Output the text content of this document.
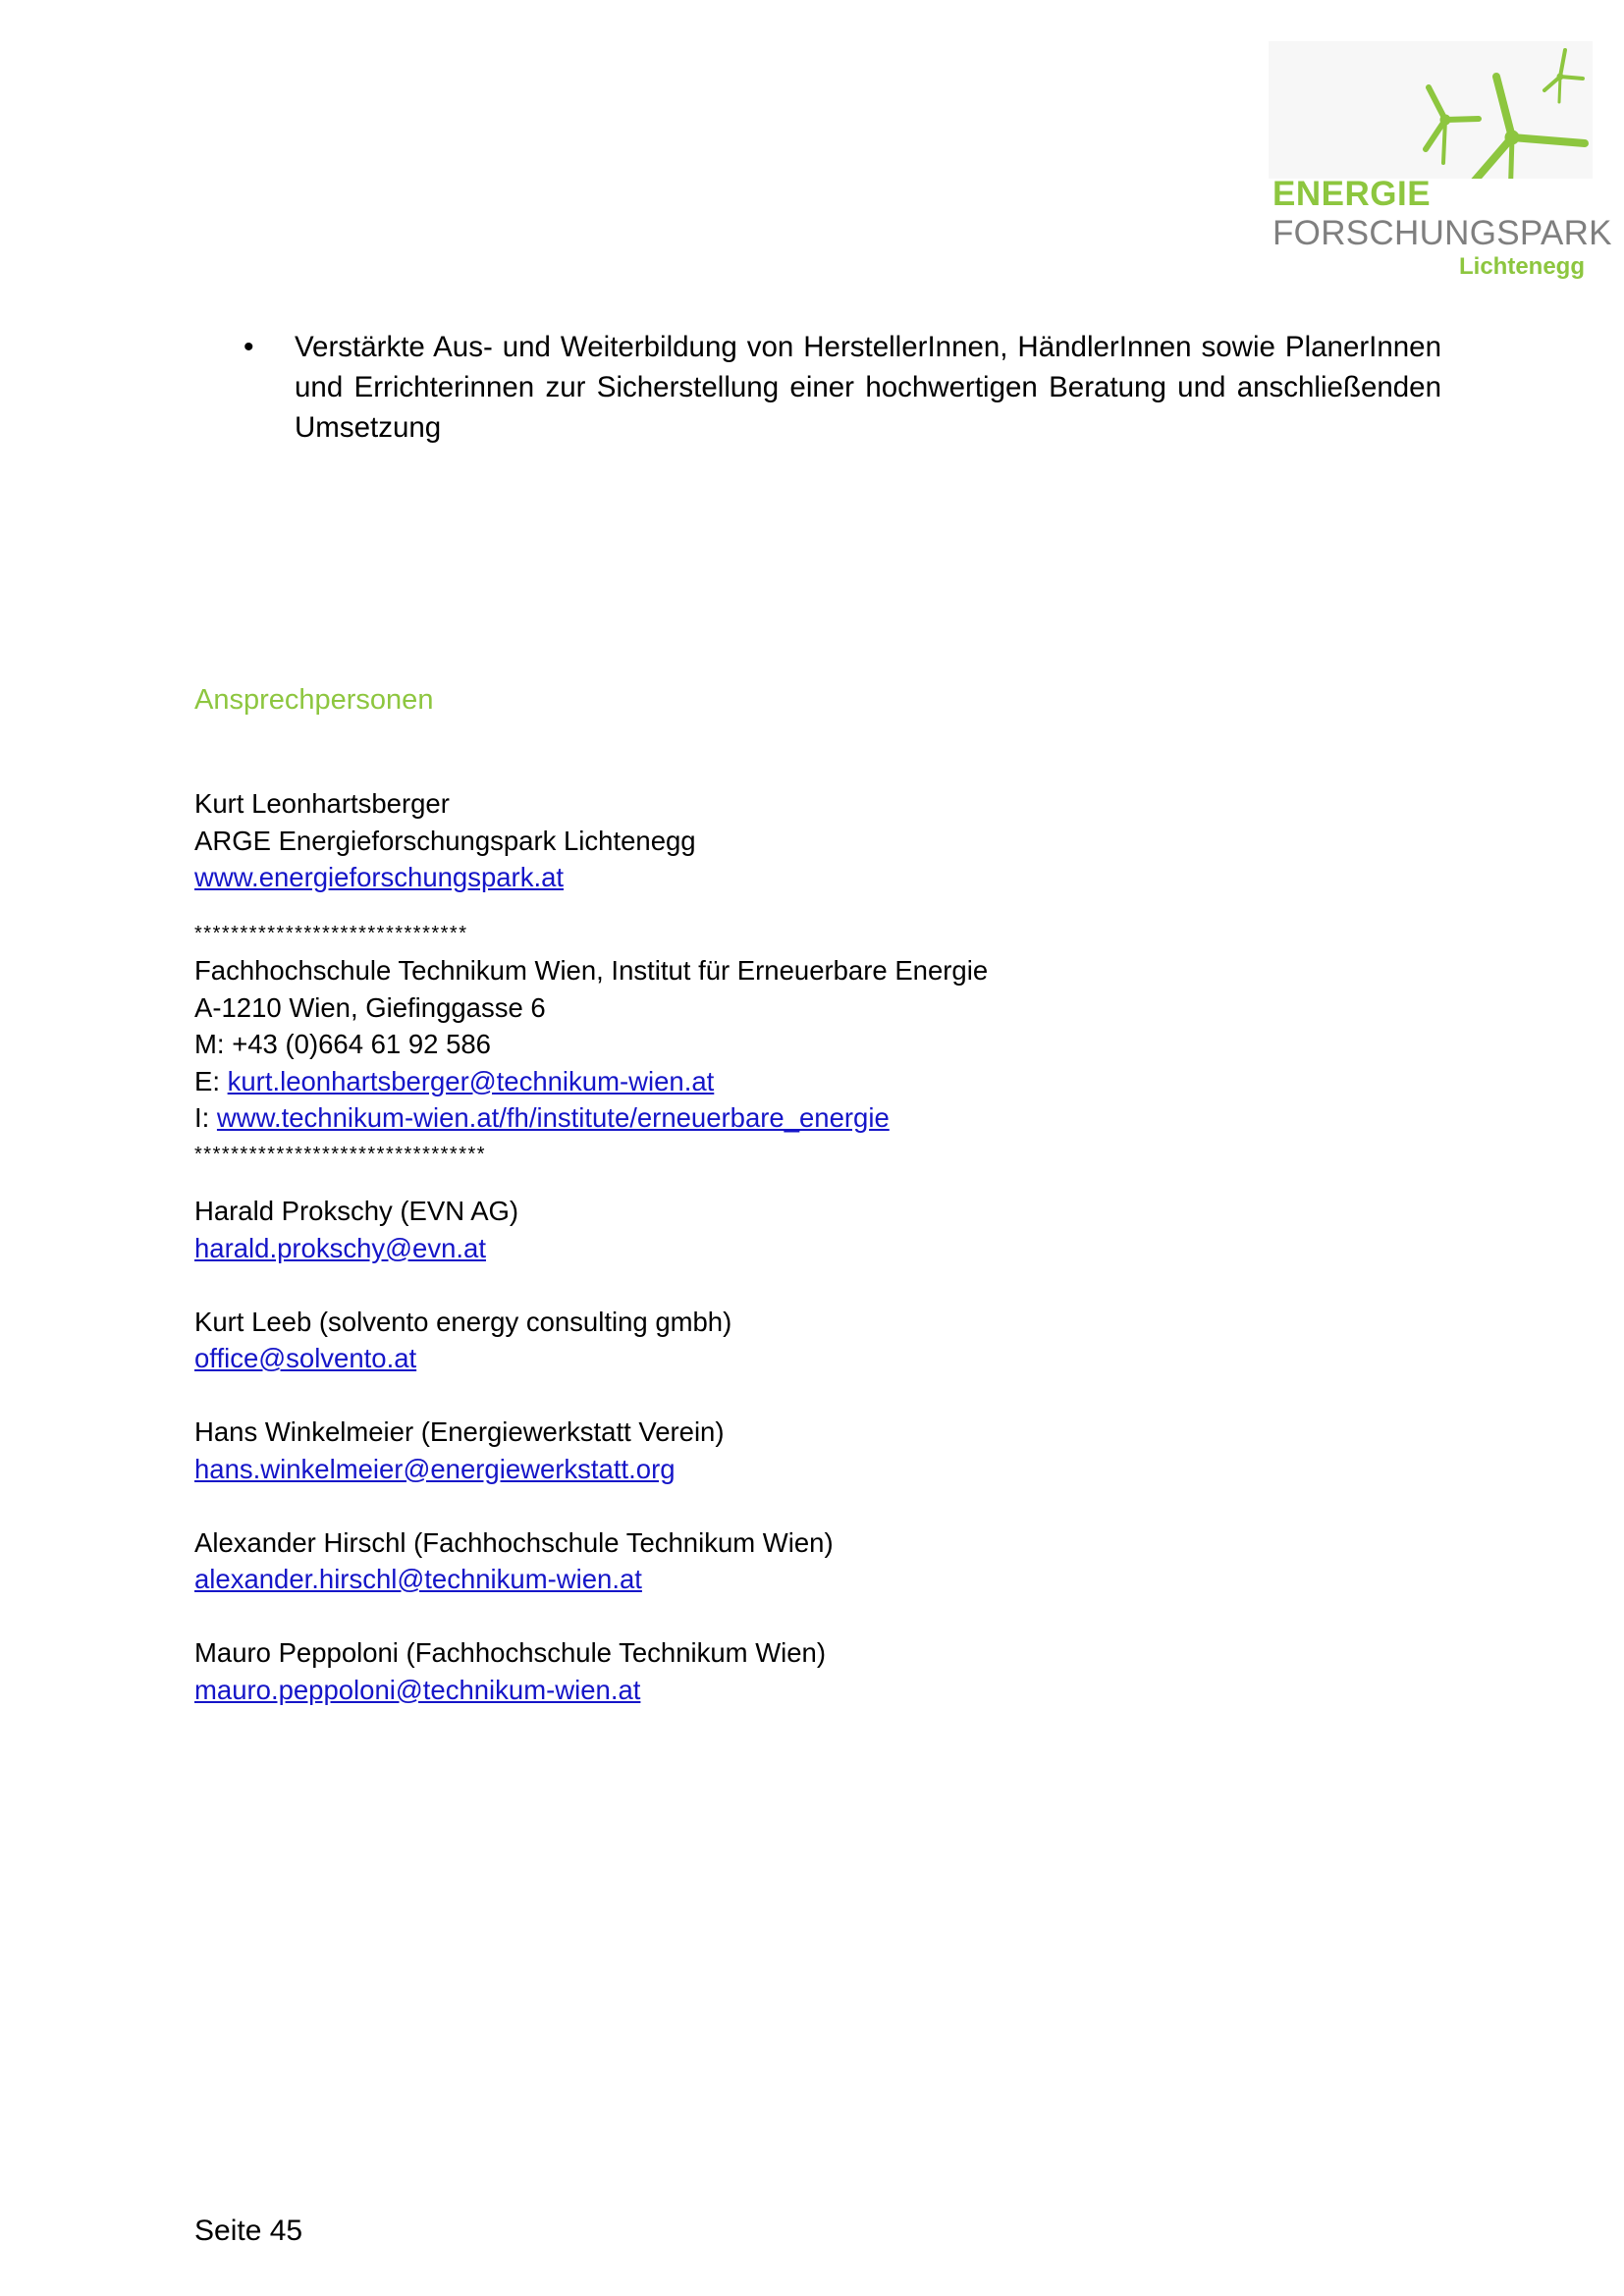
ENERGIE
FORSCHUNGSPARK
Lichtenegg
• Verstärkte Aus- und Weiterbildung von HerstellerInnen, HändlerInnen sowie PlanerInnen und Errichterinnen zur Sicherstellung einer hochwertigen Beratung und anschließenden Umsetzung
Ansprechpersonen
Kurt Leonhartsberger
ARGE Energieforschungspark Lichtenegg
www.energieforschungspark.at
******************************
Fachhochschule Technikum Wien, Institut für Erneuerbare Energie
A-1210 Wien, Giefinggasse 6
M: +43 (0)664 61 92 586
E: kurt.leonhartsberger@technikum-wien.at
I: www.technikum-wien.at/fh/institute/erneuerbare_energie
********************************
Harald Prokschy (EVN AG)
harald.prokschy@evn.at
Kurt Leeb (solvento energy consulting gmbh)
office@solvento.at
Hans Winkelmeier (Energiewerkstatt Verein)
hans.winkelmeier@energiewerkstatt.org
Alexander Hirschl (Fachhochschule Technikum Wien)
alexander.hirschl@technikum-wien.at
Mauro Peppoloni (Fachhochschule Technikum Wien)
mauro.peppoloni@technikum-wien.at
Seite 45
